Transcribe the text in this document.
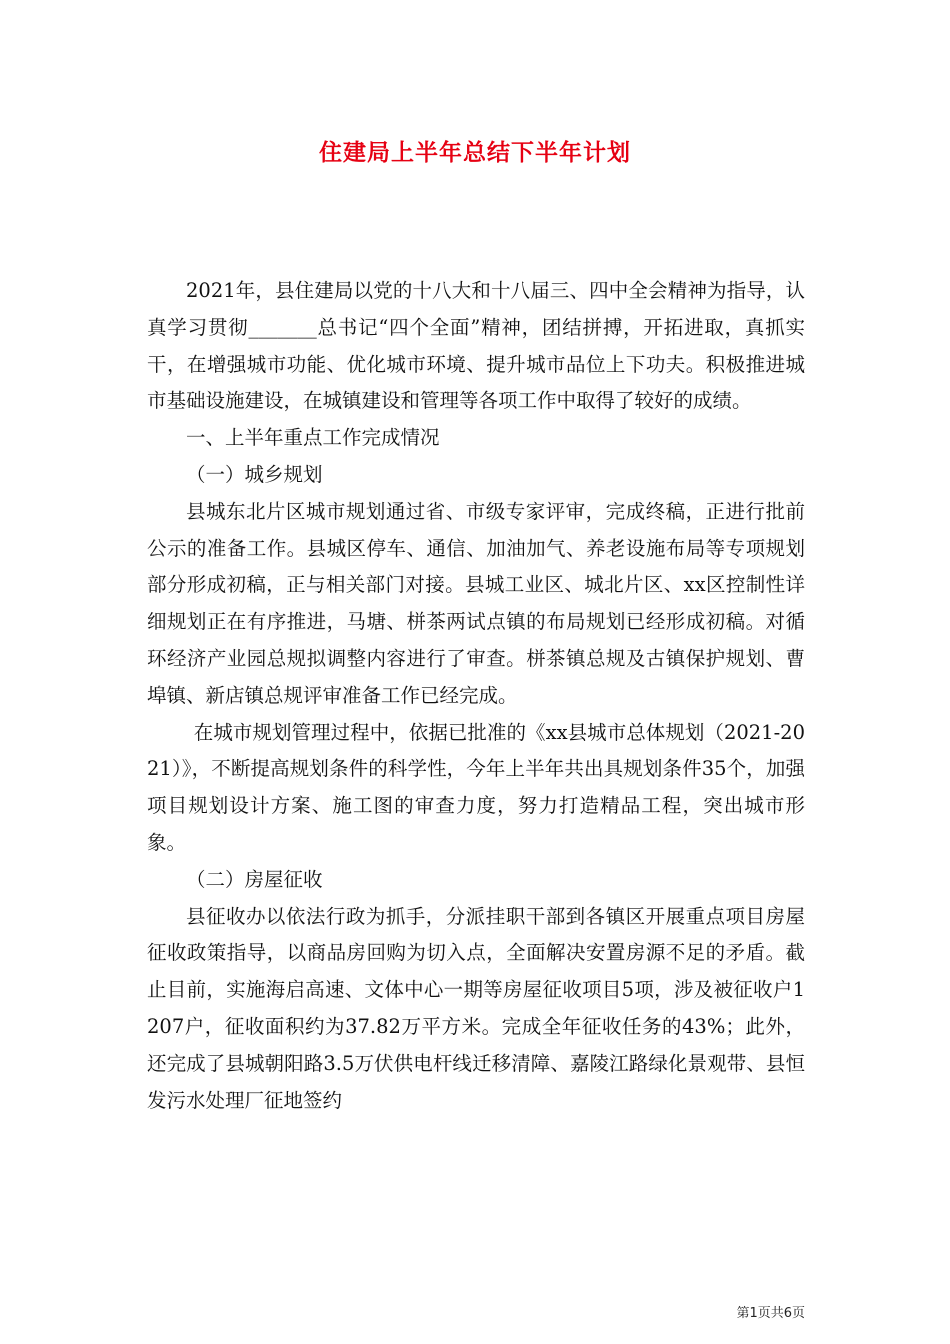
住建局上半年总结下半年计划

2021年，县住建局以党的十八大和十八届三、四中全会精神为指导，认真学习贯彻_______总书记“四个全面”精神，团结拼搏，开拓进取，真抓实干，在增强城市功能、优化城市环境、提升城市品位上下功夫。积极推进城市基础设施建设，在城镇建设和管理等各项工作中取得了较好的成绩。

一、上半年重点工作完成情况

（一）城乡规划

县城东北片区城市规划通过省、市级专家评审，完成终稿，正进行批前公示的准备工作。县城区停车、通信、加油加气、养老设施布局等专项规划部分形成初稿，正与相关部门对接。县城工业区、城北片区、xx区控制性详细规划正在有序推进，马塘、栟茶两试点镇的布局规划已经形成初稿。对循环经济产业园总规拟调整内容进行了审查。栟茶镇总规及古镇保护规划、曹埠镇、新店镇总规评审准备工作已经完成。

在城市规划管理过程中，依据已批准的《xx县城市总体规划（2021-2021）》，不断提高规划条件的科学性，今年上半年共出具规划条件35个，加强项目规划设计方案、施工图的审查力度，努力打造精品工程，突出城市形象。

（二）房屋征收

县征收办以依法行政为抓手，分派挂职干部到各镇区开展重点项目房屋征收政策指导，以商品房回购为切入点，全面解决安置房源不足的矛盾。截止目前，实施海启高速、文体中心一期等房屋征收项目5项，涉及被征收户1207户，征收面积约为37.82万平方米。完成全年征收任务的43%；此外，还完成了县城朝阳路3.5万伏供电杆线迁移清障、嘉陵江路绿化景观带、县恒发污水处理厂征地签约

第1页共6页
